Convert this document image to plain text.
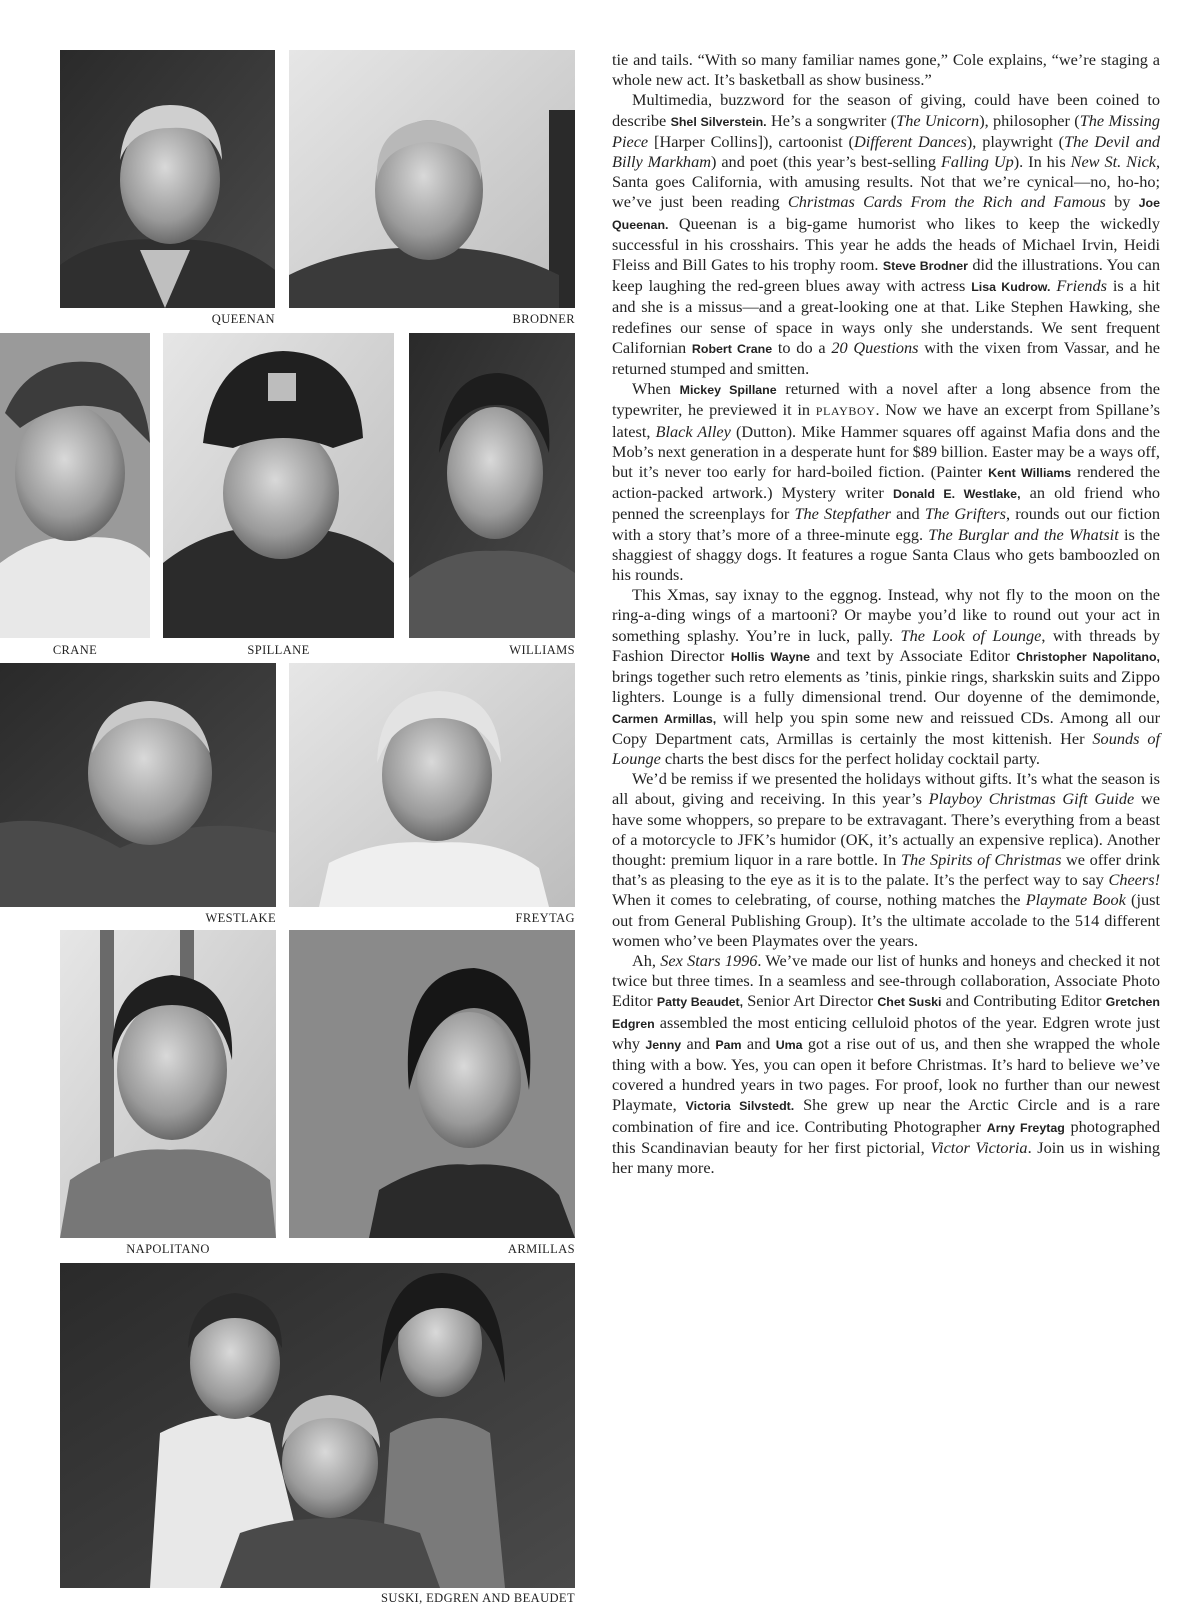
QUEENAN	BRODNER
CRANE	SPILLANE	WILLIAMS
WESTLAKE	FREYTAG
NAPOLITANO	ARMILLAS
SUSKI, EDGREN AND BEAUDET

tie and tails. “With so many familiar names gone,” Cole explains, “we’re staging a whole new act. It’s basketball as show business.”

Multimedia, buzzword for the season of giving, could have been coined to describe Shel Silverstein. He’s a songwriter (The Unicorn), philosopher (The Missing Piece [Harper Collins]), cartoonist (Different Dances), playwright (The Devil and Billy Markham) and poet (this year’s best-selling Falling Up). In his New St. Nick, Santa goes California, with amusing results. Not that we’re cynical—no, ho-ho; we’ve just been reading Christmas Cards From the Rich and Famous by Joe Queenan. Queenan is a big-game humorist who likes to keep the wickedly successful in his crosshairs. This year he adds the heads of Michael Irvin, Heidi Fleiss and Bill Gates to his trophy room. Steve Brodner did the illustrations. You can keep laughing the red-green blues away with actress Lisa Kudrow. Friends is a hit and she is a missus—and a great-looking one at that. Like Stephen Hawking, she redefines our sense of space in ways only she understands. We sent frequent Californian Robert Crane to do a 20 Questions with the vixen from Vassar, and he returned stumped and smitten.

When Mickey Spillane returned with a novel after a long absence from the typewriter, he previewed it in PLAYBOY. Now we have an excerpt from Spillane’s latest, Black Alley (Dutton). Mike Hammer squares off against Mafia dons and the Mob’s next generation in a desperate hunt for $89 billion. Easter may be a ways off, but it’s never too early for hard-boiled fiction. (Painter Kent Williams rendered the action-packed artwork.) Mystery writer Donald E. Westlake, an old friend who penned the screenplays for The Stepfather and The Grifters, rounds out our fiction with a story that’s more of a three-minute egg. The Burglar and the Whatsit is the shaggiest of shaggy dogs. It features a rogue Santa Claus who gets bamboozled on his rounds.

This Xmas, say ixnay to the eggnog. Instead, why not fly to the moon on the ring-a-ding wings of a martooni? Or maybe you’d like to round out your act in something splashy. You’re in luck, pally. The Look of Lounge, with threads by Fashion Director Hollis Wayne and text by Associate Editor Christopher Napolitano, brings together such retro elements as ’tinis, pinkie rings, sharkskin suits and Zippo lighters. Lounge is a fully dimensional trend. Our doyenne of the demimonde, Carmen Armillas, will help you spin some new and reissued CDs. Among all our Copy Department cats, Armillas is certainly the most kittenish. Her Sounds of Lounge charts the best discs for the perfect holiday cocktail party.

We’d be remiss if we presented the holidays without gifts. It’s what the season is all about, giving and receiving. In this year’s Playboy Christmas Gift Guide we have some whoppers, so prepare to be extravagant. There’s everything from a beast of a motorcycle to JFK’s humidor (OK, it’s actually an expensive replica). Another thought: premium liquor in a rare bottle. In The Spirits of Christmas we offer drink that’s as pleasing to the eye as it is to the palate. It’s the perfect way to say Cheers! When it comes to celebrating, of course, nothing matches the Playmate Book (just out from General Publishing Group). It’s the ultimate accolade to the 514 different women who’ve been Playmates over the years.

Ah, Sex Stars 1996. We’ve made our list of hunks and honeys and checked it not twice but three times. In a seamless and see-through collaboration, Associate Photo Editor Patty Beaudet, Senior Art Director Chet Suski and Contributing Editor Gretchen Edgren assembled the most enticing celluloid photos of the year. Edgren wrote just why Jenny and Pam and Uma got a rise out of us, and then she wrapped the whole thing with a bow. Yes, you can open it before Christmas. It’s hard to believe we’ve covered a hundred years in two pages. For proof, look no further than our newest Playmate, Victoria Silvstedt. She grew up near the Arctic Circle and is a rare combination of fire and ice. Contributing Photographer Arny Freytag photographed this Scandinavian beauty for her first pictorial, Victor Victoria. Join us in wishing her many more.
